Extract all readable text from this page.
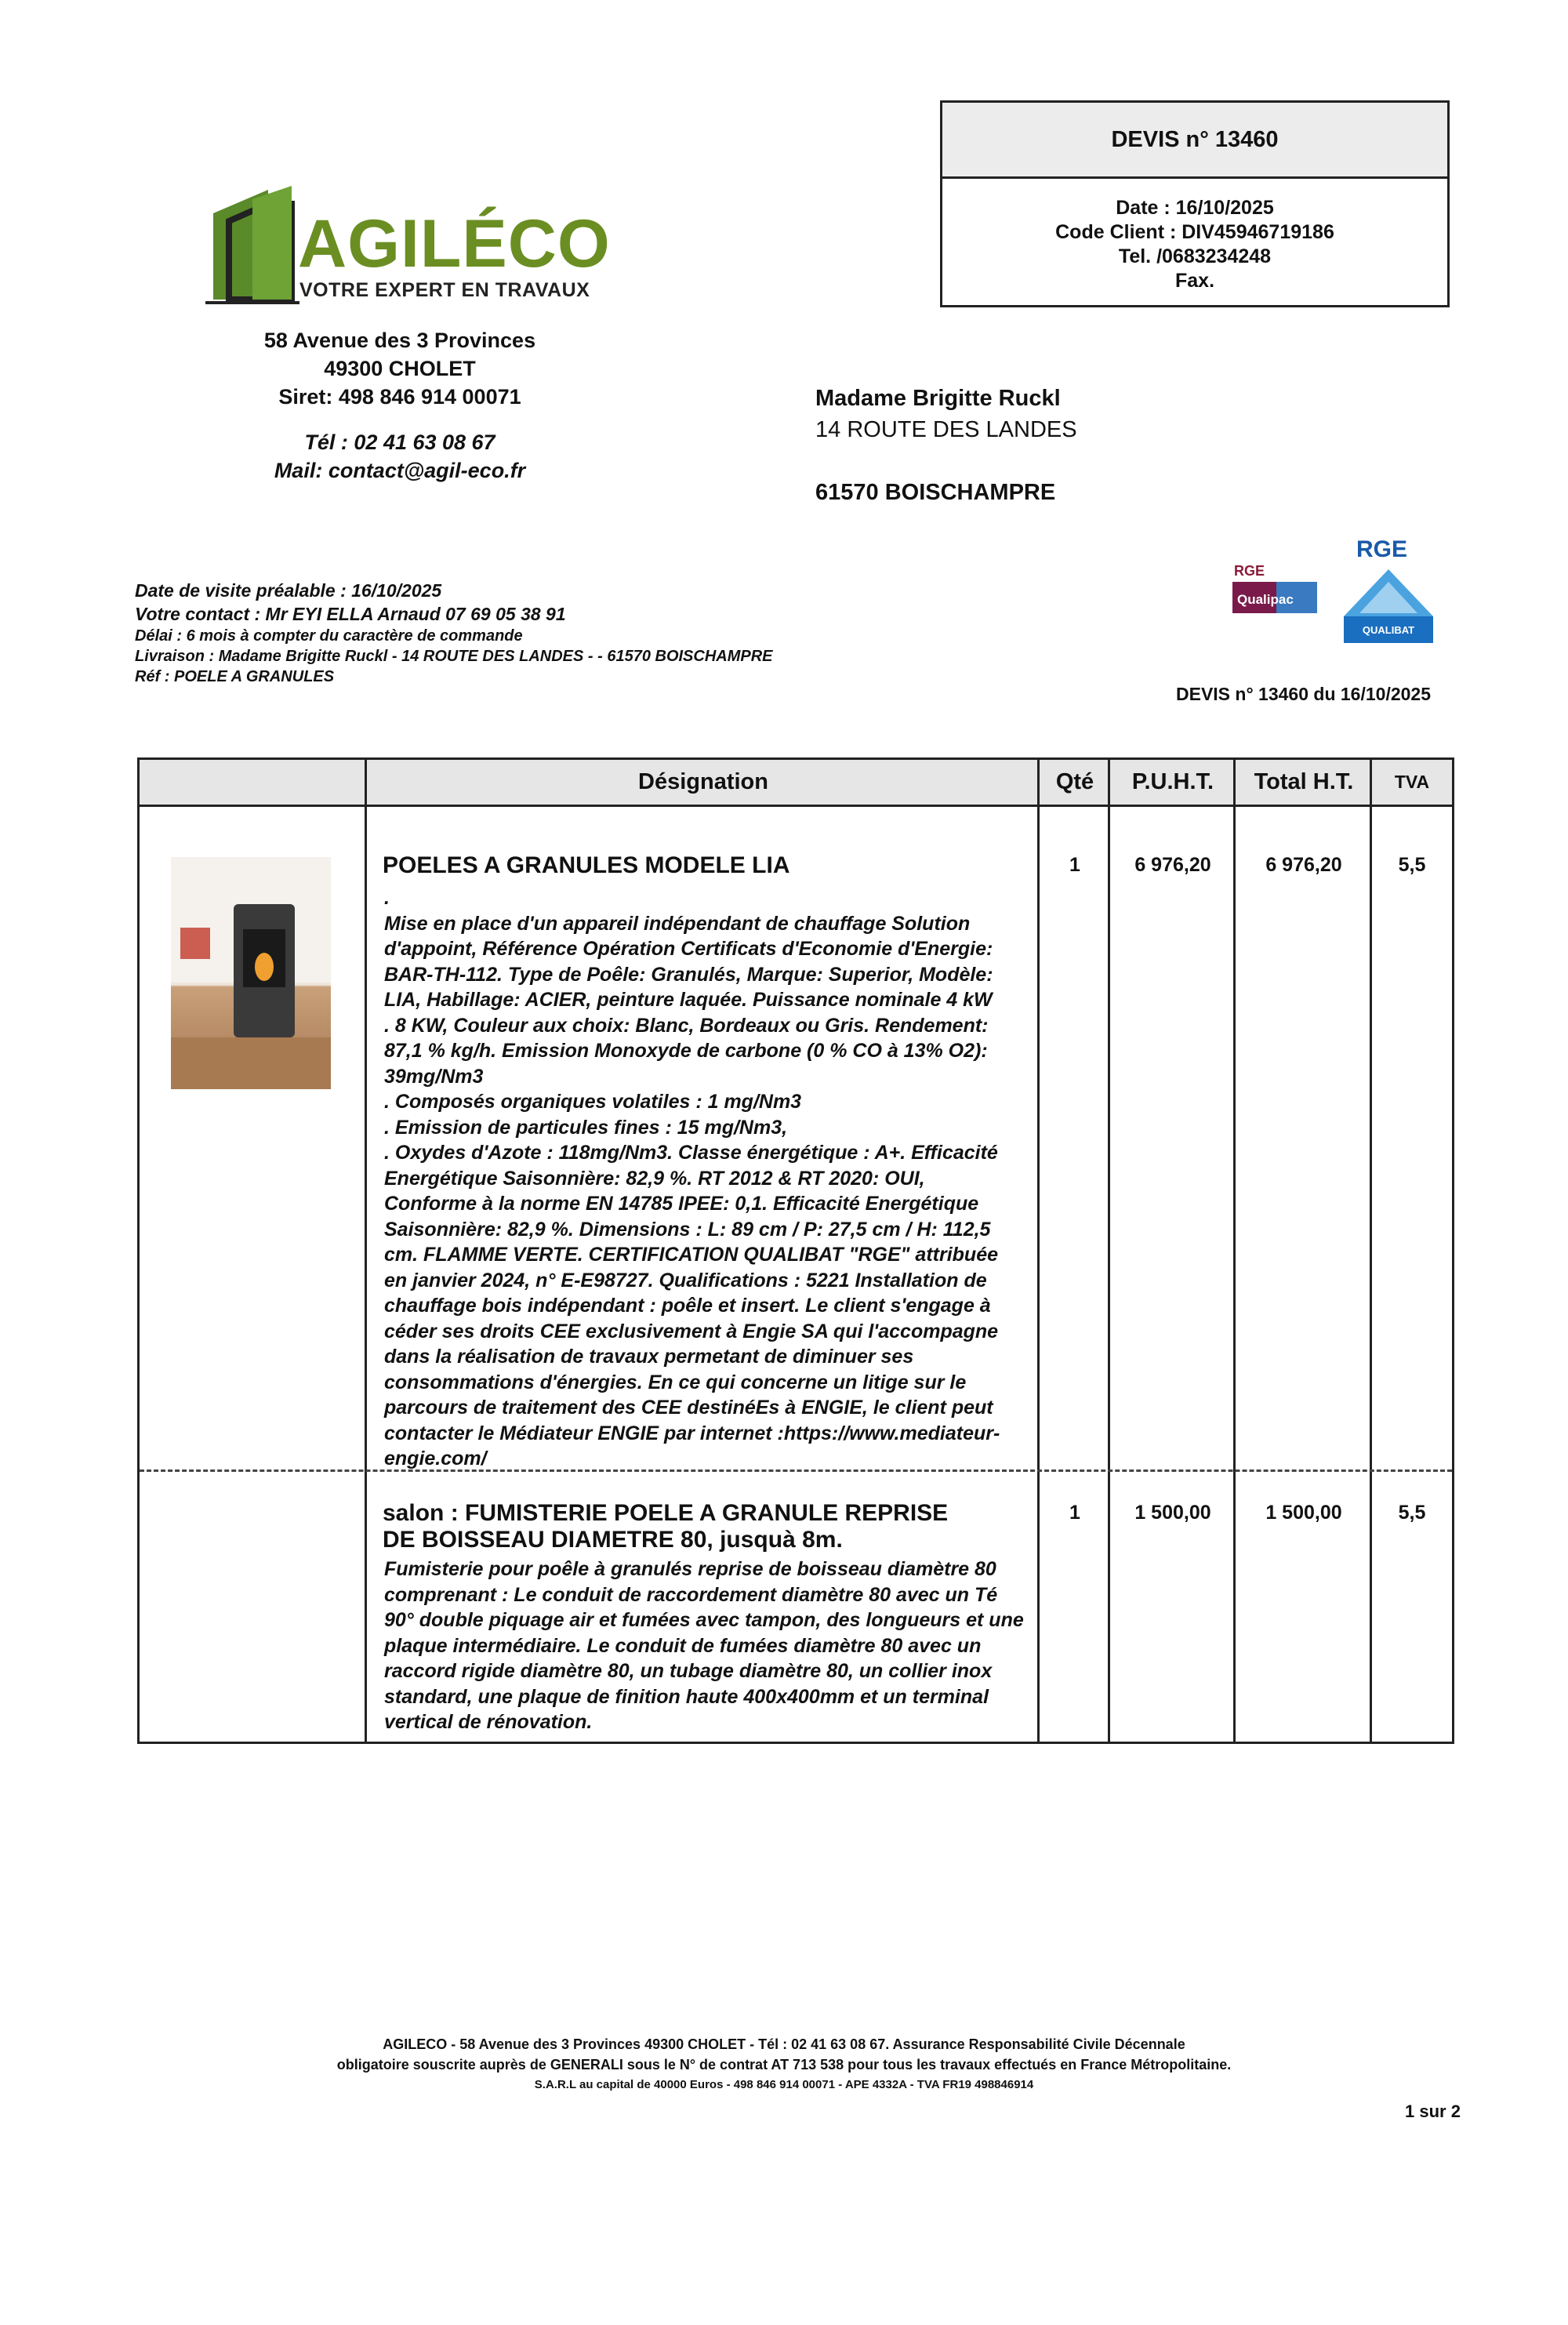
AGILÉCO
VOTRE EXPERT EN TRAVAUX
58 Avenue des 3 Provinces
49300 CHOLET
Siret: 498 846 914 00071
Tél : 02 41 63 08 67
Mail: contact@agil-eco.fr
DEVIS n° 13460
Date : 16/10/2025
Code Client : DIV45946719186
Tel. /0683234248
Fax.
Madame Brigitte Ruckl
14 ROUTE DES LANDES
61570 BOISCHAMPRE
Date de visite préalable : 16/10/2025
Votre contact : Mr EYI ELLA Arnaud 07 69 05 38 91
Délai : 6 mois à compter du caractère de commande
Livraison : Madame Brigitte Ruckl - 14 ROUTE DES LANDES - - 61570 BOISCHAMPRE
Réf : POELE A GRANULES
RGE
Qualipac
RGE
QUALIBAT
DEVIS n° 13460 du 16/10/2025
Désignation	Qté	P.U.H.T.	Total H.T.	TVA
POELES A GRANULES MODELE LIA
.
Mise en place d'un appareil indépendant de chauffage Solution
d'appoint, Référence Opération Certificats d'Economie d'Energie:
BAR-TH-112. Type de Poêle: Granulés, Marque: Superior, Modèle:
LIA, Habillage: ACIER, peinture laquée. Puissance nominale 4 kW
. 8 KW, Couleur aux choix: Blanc, Bordeaux ou Gris. Rendement:
87,1 % kg/h. Emission Monoxyde de carbone (0 % CO à 13% O2):
39mg/Nm3
. Composés organiques volatiles : 1 mg/Nm3
. Emission de particules fines : 15 mg/Nm3,
. Oxydes d'Azote : 118mg/Nm3. Classe énergétique : A+. Efficacité
Energétique Saisonnière: 82,9 %. RT 2012 & RT 2020: OUI,
Conforme à la norme EN 14785 IPEE: 0,1. Efficacité Energétique
Saisonnière: 82,9 %. Dimensions : L: 89 cm / P: 27,5 cm / H: 112,5
cm. FLAMME VERTE. CERTIFICATION QUALIBAT "RGE" attribuée
en janvier 2024, n° E-E98727. Qualifications : 5221 Installation de
chauffage bois indépendant : poêle et insert. Le client s'engage à
céder ses droits CEE exclusivement à Engie SA qui l'accompagne
dans la réalisation de travaux permetant de diminuer ses
consommations d'énergies. En ce qui concerne un litige sur le
parcours de traitement des CEE destinéEs à ENGIE, le client peut
contacter le Médiateur ENGIE par internet :https://www.mediateur-
engie.com/
1	6 976,20	6 976,20	5,5
salon : FUMISTERIE POELE A GRANULE REPRISE
DE BOISSEAU DIAMETRE 80, jusquà 8m.
Fumisterie pour poêle à granulés reprise de boisseau diamètre 80
comprenant : Le conduit de raccordement diamètre 80 avec un Té
90° double piquage air et fumées avec tampon, des longueurs et une
plaque intermédiaire. Le conduit de fumées diamètre 80 avec un
raccord rigide diamètre 80, un tubage diamètre 80, un collier inox
standard, une plaque de finition haute 400x400mm et un terminal
vertical de rénovation.
1	1 500,00	1 500,00	5,5
AGILECO - 58 Avenue des 3 Provinces 49300 CHOLET - Tél : 02 41 63 08 67. Assurance Responsabilité Civile Décennale
obligatoire souscrite auprès de GENERALI sous le N° de contrat AT 713 538 pour tous les travaux effectués en France Métropolitaine.
S.A.R.L au capital de 40000 Euros - 498 846 914 00071 - APE 4332A - TVA FR19 498846914
1 sur 2
